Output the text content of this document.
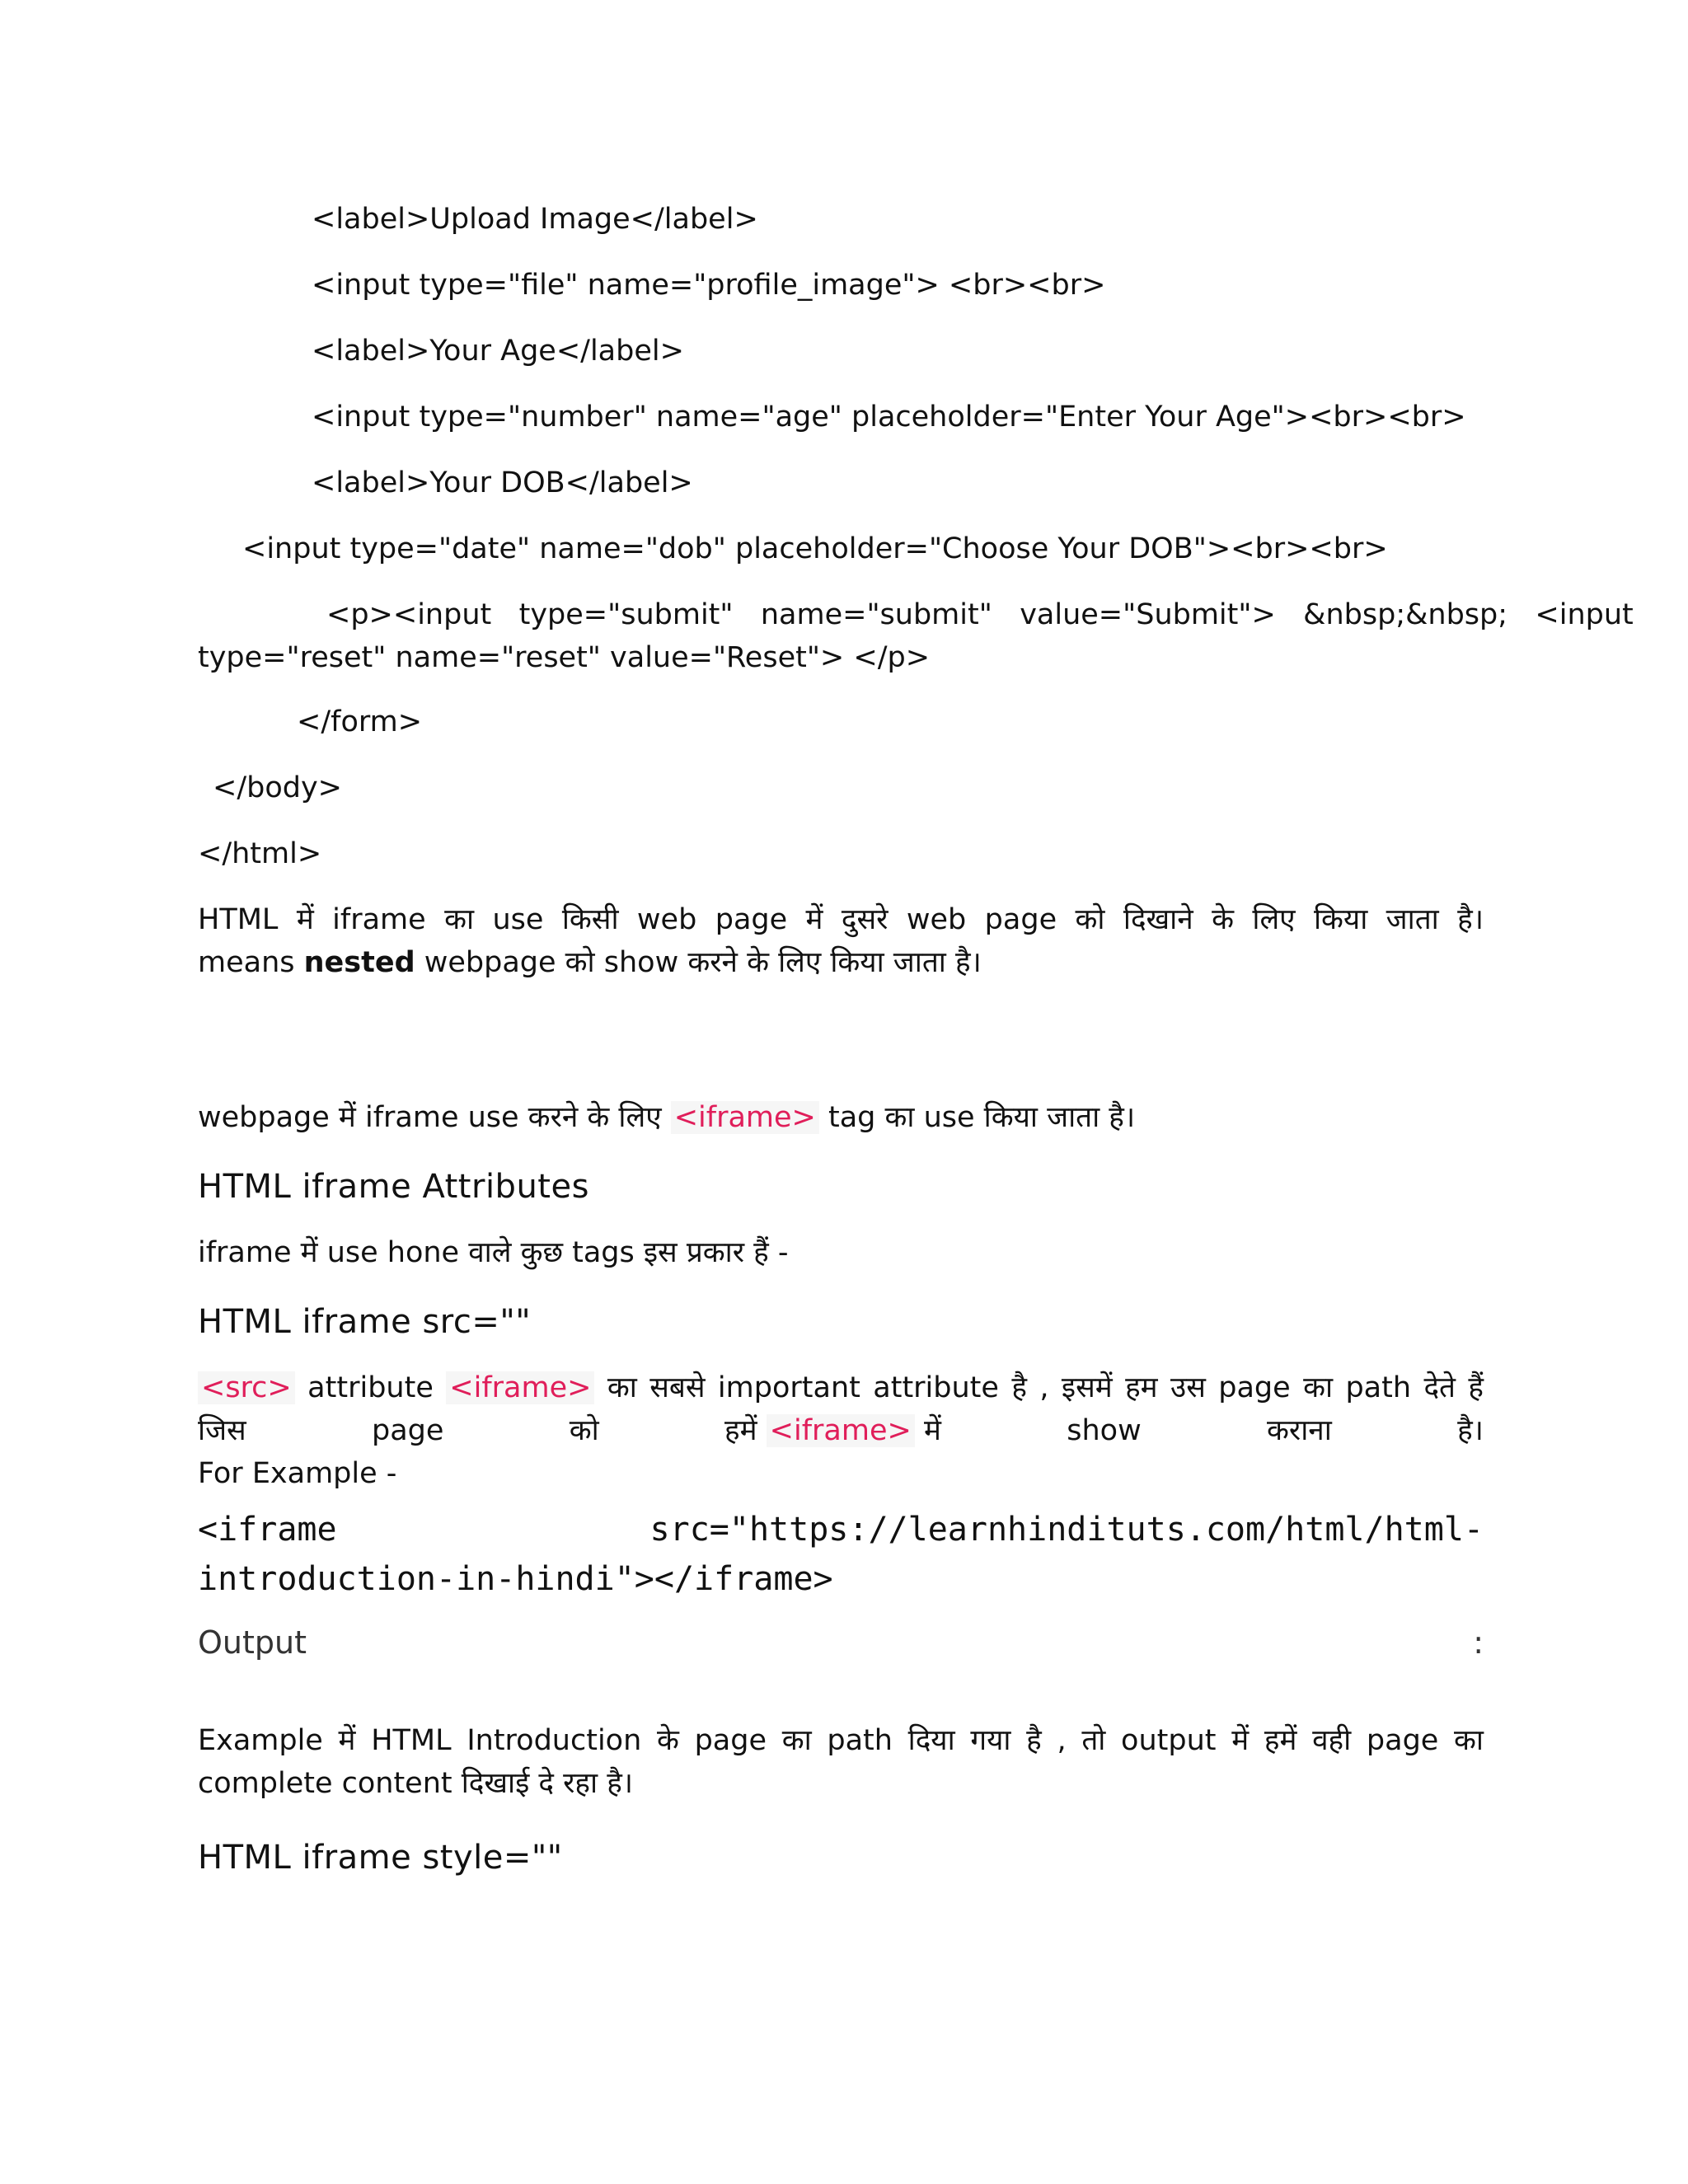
<label>Upload Image</label>

<input type="file" name="profile_image"> <br><br>

<label>Your Age</label>

<input type="number" name="age" placeholder="Enter Your Age"><br><br>

<label>Your DOB</label>

<input type="date" name="dob" placeholder="Choose Your DOB"><br><br>

<p><input   type="submit"   name="submit"   value="Submit">   &nbsp;&nbsp;   <input

type="reset" name="reset" value="Reset"> </p>

</form>

</body>

</html>

HTML में iframe का use किसी web page में दुसरे web page को दिखाने के लिए किया जाता है।

means nested webpage को show करने के लिए किया जाता है।

webpage में iframe use करने के लिए <iframe> tag का use किया जाता है।

HTML iframe Attributes

iframe में use hone वाले कुछ tags इस प्रकार हैं -

HTML iframe src=""

<src> attribute <iframe> का सबसे important attribute है , इसमें हम उस page का path देते हैं

जिस	page	को	हमें <iframe> में	show	कराना	है।

For Example -

<iframe   src="https://learnhindituts.com/html/html-introduction-in-hindi"></iframe>

Output	:

Example में HTML Introduction के page का path दिया गया है , तो output में हमें वही page का complete content दिखाई दे रहा है।

HTML iframe style=""
